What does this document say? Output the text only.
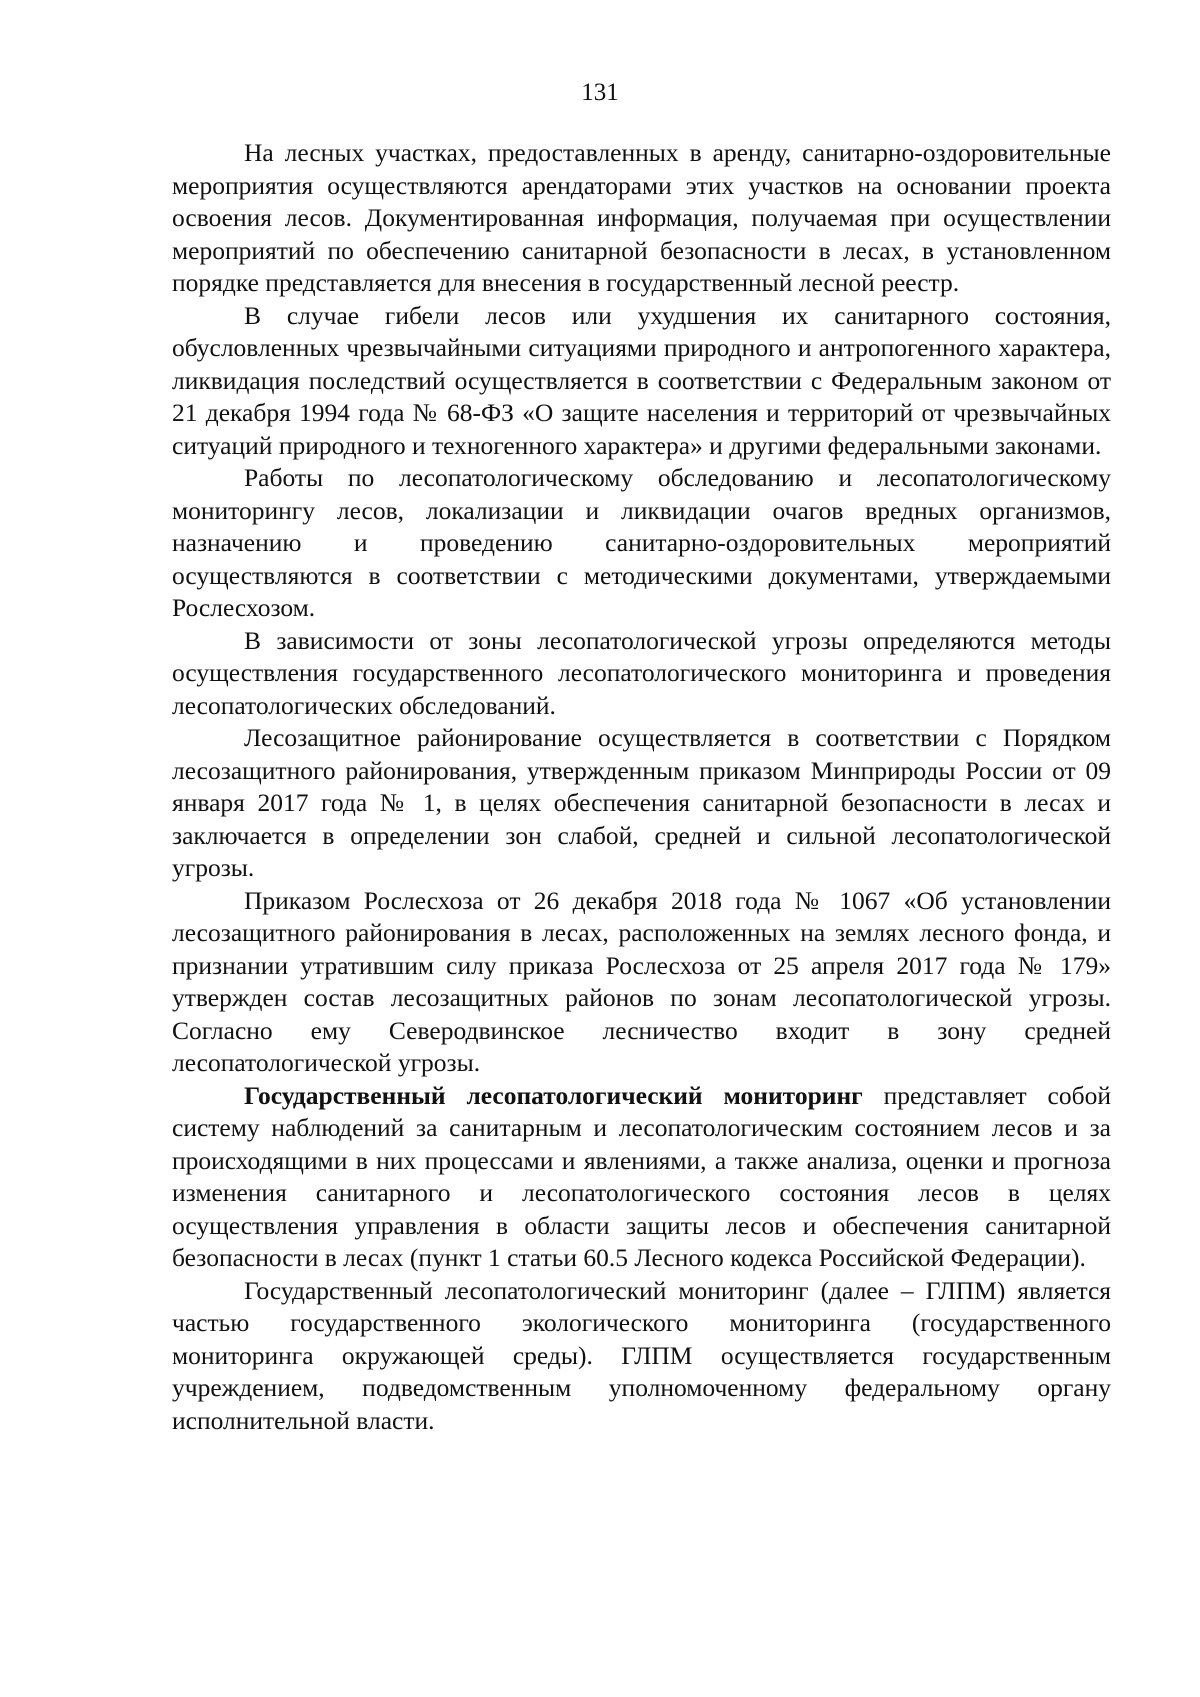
131

На лесных участках, предоставленных в аренду, санитарно-оздоровительные мероприятия осуществляются арендаторами этих участков на основании проекта освоения лесов. Документированная информация, получаемая при осуществлении мероприятий по обеспечению санитарной безопасности в лесах, в установленном порядке представляется для внесения в государственный лесной реестр.

В случае гибели лесов или ухудшения их санитарного состояния, обусловленных чрезвычайными ситуациями природного и антропогенного характера, ликвидация последствий осуществляется в соответствии с Федеральным законом от 21 декабря 1994 года № 68-ФЗ «О защите населения и территорий от чрезвычайных ситуаций природного и техногенного характера» и другими федеральными законами.

Работы по лесопатологическому обследованию и лесопатологическому мониторингу лесов, локализации и ликвидации очагов вредных организмов, назначению и проведению санитарно-оздоровительных мероприятий осуществляются в соответствии с методическими документами, утверждаемыми Рослесхозом.

В зависимости от зоны лесопатологической угрозы определяются методы осуществления государственного лесопатологического мониторинга и проведения лесопатологических обследований.

Лесозащитное районирование осуществляется в соответствии с Порядком лесозащитного районирования, утвержденным приказом Минприроды России от 09 января 2017 года № 1, в целях обеспечения санитарной безопасности в лесах и заключается в определении зон слабой, средней и сильной лесопатологической угрозы.

Приказом Рослесхоза от 26 декабря 2018 года № 1067 «Об установлении лесозащитного районирования в лесах, расположенных на землях лесного фонда, и признании утратившим силу приказа Рослесхоза от 25 апреля 2017 года № 179» утвержден состав лесозащитных районов по зонам лесопатологической угрозы. Согласно ему Северодвинское лесничество входит в зону средней лесопатологической угрозы.

Государственный лесопатологический мониторинг представляет собой систему наблюдений за санитарным и лесопатологическим состоянием лесов и за происходящими в них процессами и явлениями, а также анализа, оценки и прогноза изменения санитарного и лесопатологического состояния лесов в целях осуществления управления в области защиты лесов и обеспечения санитарной безопасности в лесах (пункт 1 статьи 60.5 Лесного кодекса Российской Федерации).

Государственный лесопатологический мониторинг (далее – ГЛПМ) является частью государственного экологического мониторинга (государственного мониторинга окружающей среды). ГЛПМ осуществляется государственным учреждением, подведомственным уполномоченному федеральному органу исполнительной власти.
